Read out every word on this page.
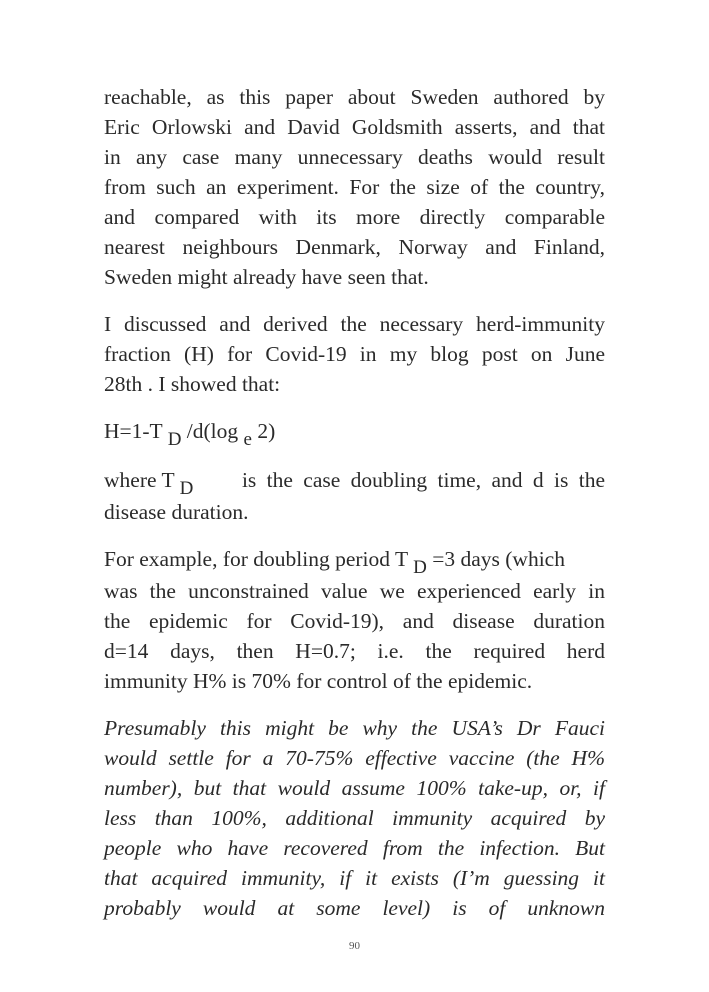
reachable, as this paper about Sweden authored by

Eric Orlowski and David Goldsmith asserts, and that

in any case many unnecessary deaths would result

from such an experiment. For the size of the country,

and compared with its more directly comparable

nearest neighbours Denmark, Norway and Finland,

Sweden might already have seen that.

I discussed and derived the necessary herd-immunity

fraction (H) for Covid-19 in my blog post on June

28th . I showed that:

H=1-T D /d(log e 2)

where T D is the case doubling time, and d is the

disease duration.

For example, for doubling period T D =3 days (which

was the unconstrained value we experienced early in

the epidemic for Covid-19), and disease duration

d=14 days, then H=0.7; i.e. the required herd

immunity H% is 70% for control of the epidemic.

Presumably this might be why the USA’s Dr Fauci

would settle for a 70-75% effective vaccine (the H%

number), but that would assume 100% take-up, or, if

less than 100%, additional immunity acquired by

people who have recovered from the infection. But

that acquired immunity, if it exists (I’m guessing it

probably would at some level) is of unknown

90
